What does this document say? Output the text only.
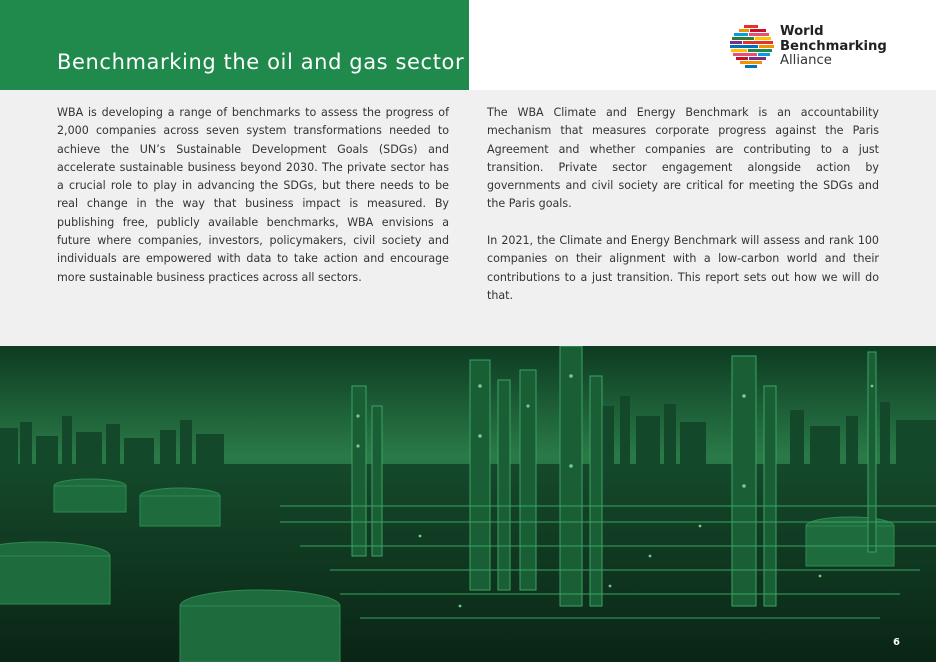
Benchmarking the oil and gas sector
World
Benchmarking
Alliance

WBA is developing a range of benchmarks to assess the progress of 2,000 companies across seven system transformations needed to achieve the UN’s Sustainable Development Goals (SDGs) and accelerate sustainable business beyond 2030. The private sector has a crucial role to play in advancing the SDGs, but there needs to be real change in the way that business impact is measured. By publishing free, publicly available benchmarks, WBA envisions a future where companies, investors, policymakers, civil society and individuals are empowered with data to take action and encourage more sustainable business practices across all sectors.

The WBA Climate and Energy Benchmark is an accountability mechanism that measures corporate progress against the Paris Agreement and whether companies are contributing to a just transition. Private sector engagement alongside action by governments and civil society are critical for meeting the SDGs and the Paris goals.

In 2021, the Climate and Energy Benchmark will assess and rank 100 companies on their alignment with a low-carbon world and their contributions to a just transition. This report sets out how we will do that.

6
